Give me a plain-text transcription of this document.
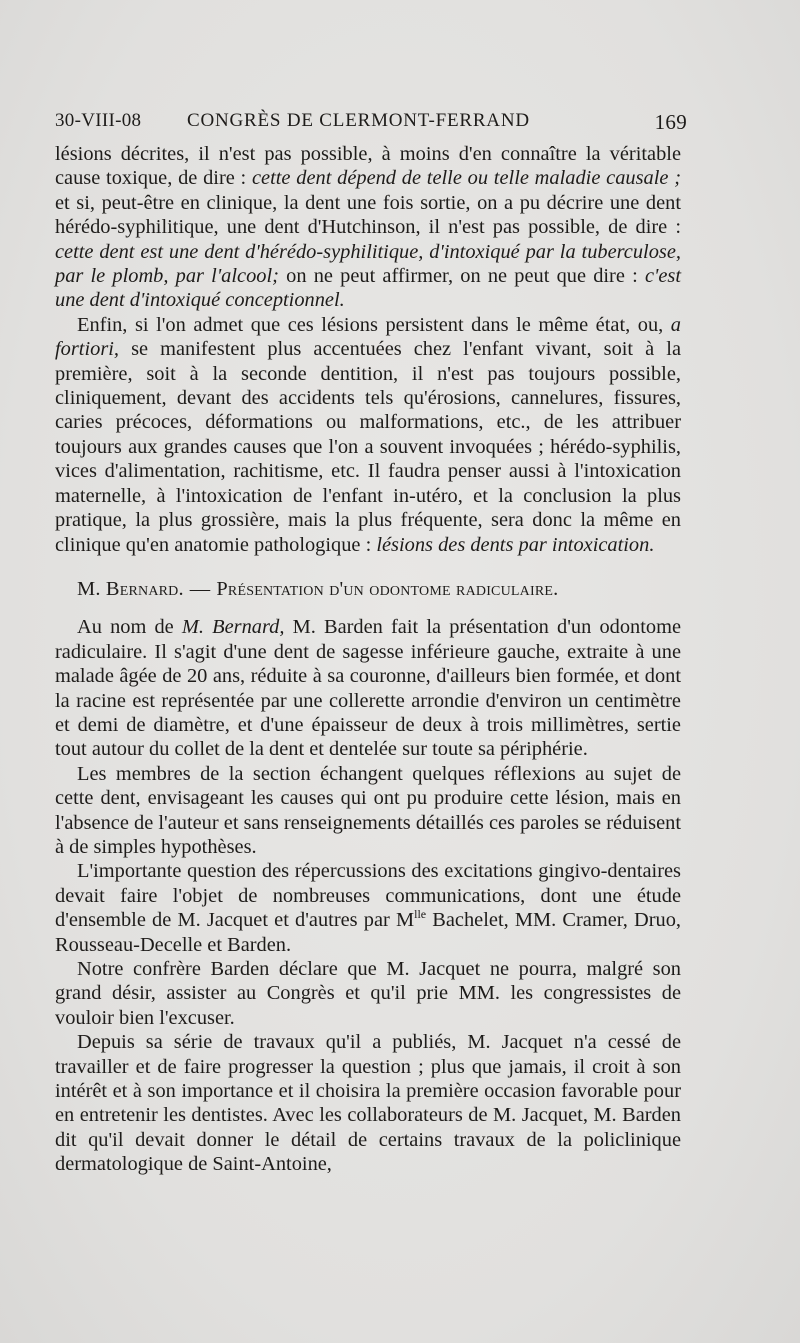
30-VIII-08 CONGRÈS DE CLERMONT-FERRAND	169

lésions décrites, il n'est pas possible, à moins d'en connaître la véritable cause toxique, de dire : cette dent dépend de telle ou telle maladie causale ; et si, peut-être en clinique, la dent une fois sortie, on a pu décrire une dent hérédo-syphilitique, une dent d'Hutchinson, il n'est pas possible, de dire : cette dent est une dent d'hérédo-syphilitique, d'intoxiqué par la tuberculose, par le plomb, par l'alcool; on ne peut affirmer, on ne peut que dire : c'est une dent d'intoxiqué conceptionnel.

Enfin, si l'on admet que ces lésions persistent dans le même état, ou, a fortiori, se manifestent plus accentuées chez l'enfant vivant, soit à la première, soit à la seconde dentition, il n'est pas toujours possible, cliniquement, devant des accidents tels qu'érosions, cannelures, fissures, caries précoces, déformations ou malformations, etc., de les attribuer toujours aux grandes causes que l'on a souvent invoquées ; hérédo-syphilis, vices d'alimentation, rachitisme, etc. Il faudra penser aussi à l'intoxication maternelle, à l'intoxication de l'enfant in-utéro, et la conclusion la plus pratique, la plus grossière, mais la plus fréquente, sera donc la même en clinique qu'en anatomie pathologique : lésions des dents par intoxication.

M. Bernard. — Présentation d'un odontome radiculaire.

Au nom de M. Bernard, M. Barden fait la présentation d'un odontome radiculaire. Il s'agit d'une dent de sagesse inférieure gauche, extraite à une malade âgée de 20 ans, réduite à sa couronne, d'ailleurs bien formée, et dont la racine est représentée par une collerette arrondie d'environ un centimètre et demi de diamètre, et d'une épaisseur de deux à trois millimètres, sertie tout autour du collet de la dent et dentelée sur toute sa périphérie.

Les membres de la section échangent quelques réflexions au sujet de cette dent, envisageant les causes qui ont pu produire cette lésion, mais en l'absence de l'auteur et sans renseignements détaillés ces paroles se réduisent à de simples hypothèses.

L'importante question des répercussions des excitations gingivo-dentaires devait faire l'objet de nombreuses communications, dont une étude d'ensemble de M. Jacquet et d'autres par $M^{lle}$ Bachelet, MM. Cramer, Druo, Rousseau-Decelle et Barden.

Notre confrère Barden déclare que M. Jacquet ne pourra, malgré son grand désir, assister au Congrès et qu'il prie MM. les congressistes de vouloir bien l'excuser.

Depuis sa série de travaux qu'il a publiés, M. Jacquet n'a cessé de travailler et de faire progresser la question ; plus que jamais, il croit à son intérêt et à son importance et il choisira la première occasion favorable pour en entretenir les dentistes. Avec les collaborateurs de M. Jacquet, M. Barden dit qu'il devait donner le détail de certains travaux de la policlinique dermatologique de Saint-Antoine,
